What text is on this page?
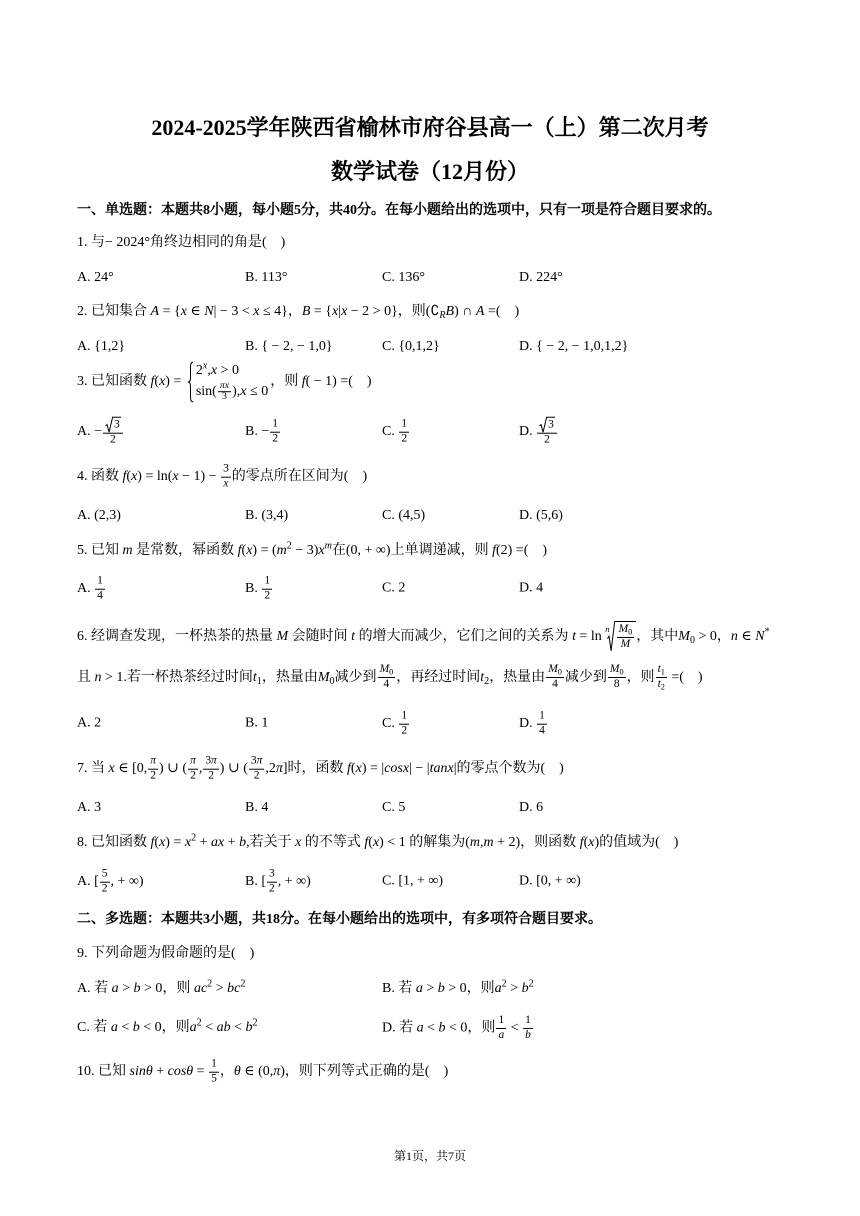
2024-2025学年陕西省榆林市府谷县高一（上）第二次月考
数学试卷（12月份）
一、单选题：本题共8小题，每小题5分，共40分。在每小题给出的选项中，只有一项是符合题目要求的。
1. 与− 2024°角终边相同的角是(    )
A. 24°	B. 113°	C. 136°	D. 224°
2. 已知集合 A = {x ∈ N| − 3 < x ≤ 4}，B = {x|x − 2 > 0}，则$(∁_RB)$ ∩ A =(    )
A. {1,2}	B. { − 2, − 1,0}	C. {0,1,2}	D. { − 2, − 1,0,1,2}
3. 已知函数 f(x) =
$2^x,x > 0$
$\sin( \frac{\pi x}{3} ),x \le 0$
，则 f( − 1) =(    )
A. − $\frac{3}{2}$	B. − $\frac{1}{2}$	C. $\frac{1}{2}$	D. $\frac{3}{2}$
4. 函数 $f(x) = \ln(x - 1) - \frac{3}{x}$ 的零点所在区间为(    )
A. (2,3)	B. (3,4)	C. (4,5)	D. (5,6)
5. 已知 m 是常数，幂函数 $f(x) = (m^2 - 3)x^m$在(0, + ∞)上单调递减，则 f(2) =(    )
A. $\frac{1}{4}$	B. $\frac{1}{2}$	C. 2	D. 4
6. 经调查发现，一杯热茶的热量 M 会随时间 t 的增大而减少，它们之间的关系为 $t = \ln ^n \frac{M_0}{M}$ ，其中$M_0 > 0$，n ∈ N*且 n > 1.若一杯热茶经过时间$t_1$，热量由$M_0$减少到 $\frac{M_0}{4}$ ，再经过时间$t_2$，热量由 $\frac{M_0}{4}$ 减少到 $\frac{M_0}{8}$ ，则 $\frac{t_1}{t_2}$ =(    )
A. 2	B. 1	C. $\frac{1}{2}$	D. $\frac{1}{4}$
7. 当 x ∈ [0, $\frac{\pi}{2}$ ) ∪ ( $\frac{\pi}{2}$ , $\frac{3\pi}{2}$ ) ∪ ( $\frac{3\pi}{2} ,2\pi$]时，函数 f(x) = |cosx| − |tanx|的零点个数为(    )
A. 3	B. 4	C. 5	D. 6
8. 已知函数 $f(x) = x^2$ + ax + b,若关于 x 的不等式 f(x) < 1 的解集为(m,m + 2)，则函数 f(x)的值域为(    )
A. [ $\frac{5}{2}$ , + ∞)	B. [ $\frac{3}{2}$ , + ∞)	C. [1, + ∞)	D. [0, + ∞)
二、多选题：本题共3小题，共18分。在每小题给出的选项中，有多项符合题目要求。
9. 下列命题为假命题的是(    )
A. 若 a > b > 0，则 $ac^2 > bc^2$	B. 若 a > b > 0，则$a^2 > b^2$
C. 若 a < b < 0，则$a^2$ < ab < $b^2$	D. 若 a < b < 0，则 $\frac{1}{a} < \frac{1}{b}$
10. 已知 $\sin\theta + \cos\theta = \frac{1}{5}$ ，θ ∈ (0,π)，则下列等式正确的是(    )
第1页，共7页
